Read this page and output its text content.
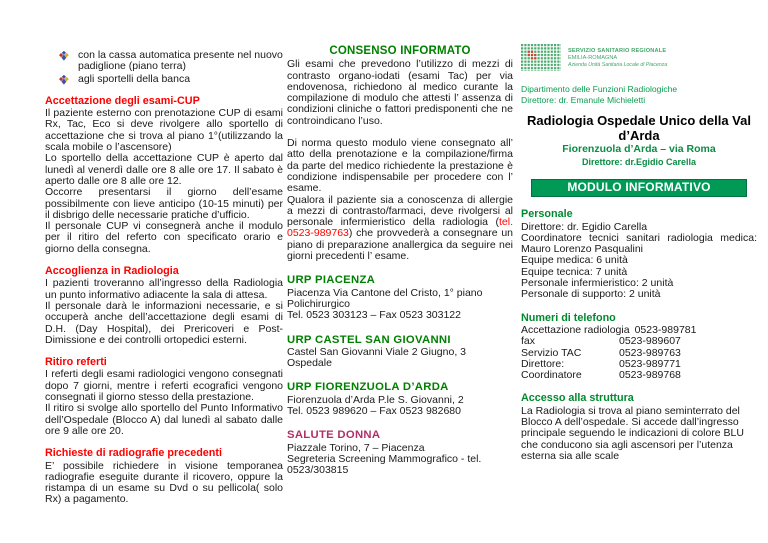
con la cassa automatica presente nel nuovo padiglione (piano terra)
agli sportelli della banca
Accettazione degli esami-CUP

Il paziente esterno con prenotazione CUP di esami Rx, Tac, Eco si deve rivolgere allo sportello di accettazione che si trova al piano 1°(utilizzando la scala mobile o l’ascensore)

Lo sportello della accettazione CUP è aperto dal lunedì al venerdì dalle ore 8 alle ore 17. Il sabato è aperto dalle ore 8 alle ore 12.

Occorre presentarsi il giorno dell’esame possibilmente con lieve anticipo (10-15 minuti) per il disbrigo delle necessarie pratiche d’ufficio.

Il personale CUP vi consegnerà anche il modulo per il ritiro del referto con specificato orario e giorno della consegna.

Accoglienza in Radiologia

I pazienti troveranno all’ingresso della Radiologia un punto informativo adiacente la sala di attesa.

Il personale darà le informazioni necessarie, e si occuperà anche dell’accettazione degli esami di D.H. (Day Hospital), dei Prericoveri e Post-Dimissione e dei controlli ortopedici esterni.

Ritiro referti

I referti degli esami radiologici vengono consegnati dopo 7 giorni, mentre i referti ecografici vengono consegnati il giorno stesso della prestazione.

Il ritiro si svolge allo sportello del Punto Informativo dell’Ospedale (Blocco A) dal lunedì al sabato dalle ore 9 alle ore 20.

Richieste di radiografie precedenti

E’ possibile richiedere in visione temporanea radiografie eseguite durante il ricovero, oppure la ristampa di un esame su Dvd o su pellicola( solo Rx) a pagamento.

CONSENSO INFORMATO

Gli esami che prevedono l’utilizzo di mezzi di contrasto organo-iodati (esami Tac) per via endovenosa, richiedono al medico curante la compilazione di modulo che attesti l’ assenza di condizioni cliniche o fattori predisponenti che ne controindicano l’uso.

Di norma questo modulo viene consegnato all’ atto della prenotazione e la compilazione/firma da parte del medico richiedente la prestazione è condizione indispensabile per procedere con l’ esame.

Qualora il paziente sia a conoscenza di allergie a mezzi di contrasto/farmaci, deve rivolgersi al personale infermieristico della radiologia (tel. 0523-989763) che provvederà a consegnare un piano di preparazione anallergica da seguire nei giorni precedenti l’ esame.

URP PIACENZA

Piacenza Via Cantone del Cristo, 1° piano

Polichirurgico

Tel. 0523 303123 – Fax 0523 303122

URP CASTEL SAN GIOVANNI

Castel San Giovanni Viale 2 Giugno, 3

Ospedale

URP FIORENZUOLA D’ARDA

Fiorenzuola d’Arda P.le S. Giovanni, 2

Tel. 0523 989620 – Fax 0523 982680

SALUTE DONNA

Piazzale Torino, 7 – Piacenza

Segreteria Screening Mammografico - tel.

0523/303815

SERVIZIO SANITARIO REGIONALE
EMILIA-ROMAGNA
Azienda Unità Sanitaria Locale di Piacenza
Dipartimento delle Funzioni Radiologiche
Direttore: dr. Emanule Michieletti
Radiologia Ospedale Unico della Val d’Arda
Fiorenzuola d’Arda – via Roma
Direttore: dr.Egidio Carella
MODULO INFORMATIVO
Personale

Direttore: dr. Egidio Carella

Coordinatore tecnici sanitari radiologia medica: Mauro Lorenzo Pasqualini

Equipe medica: 6 unità

Equipe tecnica: 7 unità

Personale infermieristico: 2 unità

Personale di supporto: 2 unità

Numeri di telefono
Accettazione radiologia 0523-989781
fax	0523-989607
Servizio TAC	0523-989763
Direttore:	0523-989771
Coordinatore	0523-989768
Accesso alla struttura

La Radiologia si trova al piano seminterrato del Blocco A dell’ospedale. Si accede dall’ingresso principale seguendo le indicazioni di colore BLU che conducono sia agli ascensori per l’utenza esterna sia alle scale
